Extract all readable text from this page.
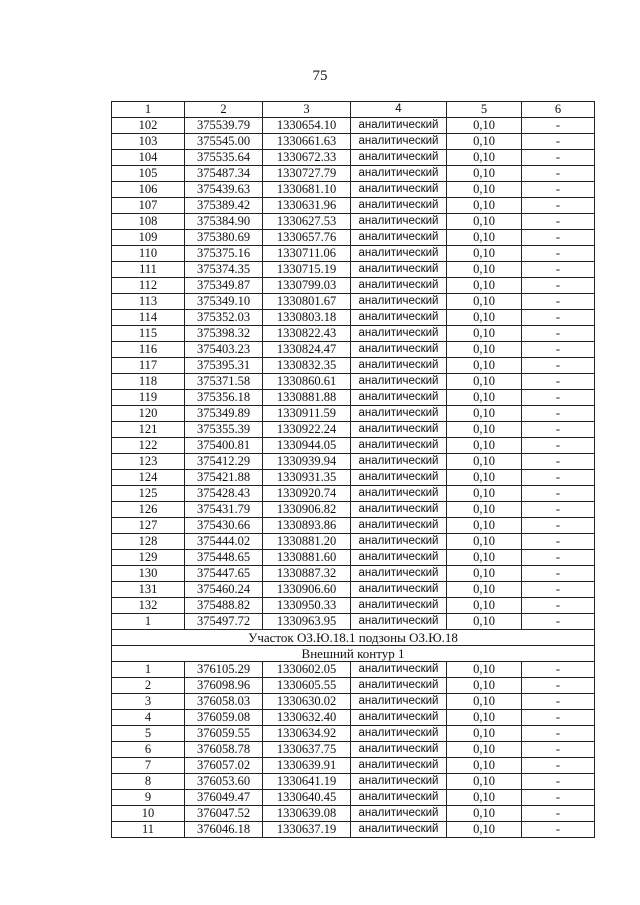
75
1	2	3	4	5	6
102	375539.79	1330654.10	аналитический	0,10	-
103	375545.00	1330661.63	аналитический	0,10	-
104	375535.64	1330672.33	аналитический	0,10	-
105	375487.34	1330727.79	аналитический	0,10	-
106	375439.63	1330681.10	аналитический	0,10	-
107	375389.42	1330631.96	аналитический	0,10	-
108	375384.90	1330627.53	аналитический	0,10	-
109	375380.69	1330657.76	аналитический	0,10	-
110	375375.16	1330711.06	аналитический	0,10	-
111	375374.35	1330715.19	аналитический	0,10	-
112	375349.87	1330799.03	аналитический	0,10	-
113	375349.10	1330801.67	аналитический	0,10	-
114	375352.03	1330803.18	аналитический	0,10	-
115	375398.32	1330822.43	аналитический	0,10	-
116	375403.23	1330824.47	аналитический	0,10	-
117	375395.31	1330832.35	аналитический	0,10	-
118	375371.58	1330860.61	аналитический	0,10	-
119	375356.18	1330881.88	аналитический	0,10	-
120	375349.89	1330911.59	аналитический	0,10	-
121	375355.39	1330922.24	аналитический	0,10	-
122	375400.81	1330944.05	аналитический	0,10	-
123	375412.29	1330939.94	аналитический	0,10	-
124	375421.88	1330931.35	аналитический	0,10	-
125	375428.43	1330920.74	аналитический	0,10	-
126	375431.79	1330906.82	аналитический	0,10	-
127	375430.66	1330893.86	аналитический	0,10	-
128	375444.02	1330881.20	аналитический	0,10	-
129	375448.65	1330881.60	аналитический	0,10	-
130	375447.65	1330887.32	аналитический	0,10	-
131	375460.24	1330906.60	аналитический	0,10	-
132	375488.82	1330950.33	аналитический	0,10	-
1	375497.72	1330963.95	аналитический	0,10	-
Участок ОЗ.Ю.18.1 подзоны ОЗ.Ю.18					
Внешний контур 1					
1	376105.29	1330602.05	аналитический	0,10	-
2	376098.96	1330605.55	аналитический	0,10	-
3	376058.03	1330630.02	аналитический	0,10	-
4	376059.08	1330632.40	аналитический	0,10	-
5	376059.55	1330634.92	аналитический	0,10	-
6	376058.78	1330637.75	аналитический	0,10	-
7	376057.02	1330639.91	аналитический	0,10	-
8	376053.60	1330641.19	аналитический	0,10	-
9	376049.47	1330640.45	аналитический	0,10	-
10	376047.52	1330639.08	аналитический	0,10	-
11	376046.18	1330637.19	аналитический	0,10	-
